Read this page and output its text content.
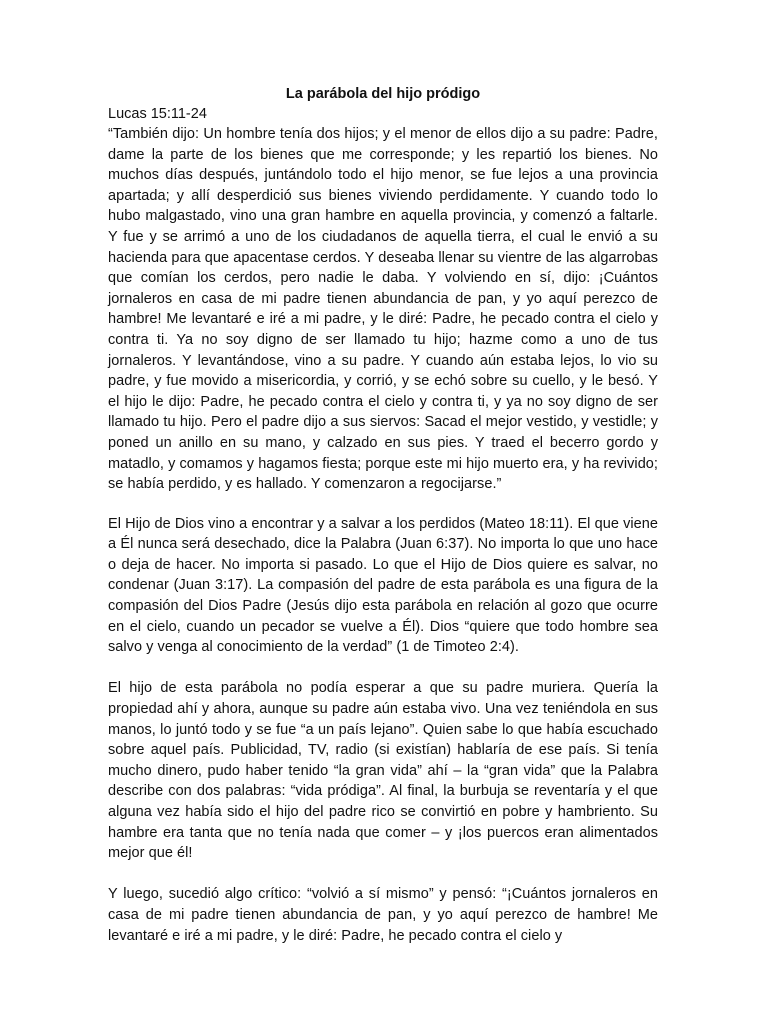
La parábola del hijo pródigo

Lucas 15:11-24

“También dijo: Un hombre tenía dos hijos; y el menor de ellos dijo a su padre: Padre, dame la parte de los bienes que me corresponde; y les repartió los bienes. No muchos días después, juntándolo todo el hijo menor, se fue lejos a una provincia apartada; y allí desperdició sus bienes viviendo perdidamente. Y cuando todo lo hubo malgastado, vino una gran hambre en aquella provincia, y comenzó a faltarle. Y fue y se arrimó a uno de los ciudadanos de aquella tierra, el cual le envió a su hacienda para que apacentase cerdos. Y deseaba llenar su vientre de las algarrobas que comían los cerdos, pero nadie le daba. Y volviendo en sí, dijo: ¡Cuántos jornaleros en casa de mi padre tienen abundancia de pan, y yo aquí perezco de hambre! Me levantaré e iré a mi padre, y le diré: Padre, he pecado contra el cielo y contra ti. Ya no soy digno de ser llamado tu hijo; hazme como a uno de tus jornaleros. Y levantándose, vino a su padre. Y cuando aún estaba lejos, lo vio su padre, y fue movido a misericordia, y corrió, y se echó sobre su cuello, y le besó. Y el hijo le dijo: Padre, he pecado contra el cielo y contra ti, y ya no soy digno de ser llamado tu hijo. Pero el padre dijo a sus siervos: Sacad el mejor vestido, y vestidle; y poned un anillo en su mano, y calzado en sus pies. Y traed el becerro gordo y matadlo, y comamos y hagamos fiesta; porque este mi hijo muerto era, y ha revivido; se había perdido, y es hallado. Y comenzaron a regocijarse.”

El Hijo de Dios vino a encontrar y a salvar a los perdidos (Mateo 18:11). El que viene a Él nunca será desechado, dice la Palabra (Juan 6:37). No importa lo que uno hace o deja de hacer. No importa si pasado. Lo que el Hijo de Dios quiere es salvar, no condenar (Juan 3:17). La compasión del padre de esta parábola es una figura de la compasión del Dios Padre (Jesús dijo esta parábola en relación al gozo que ocurre en el cielo, cuando un pecador se vuelve a Él). Dios “quiere que todo hombre sea salvo y venga al conocimiento de la verdad” (1 de Timoteo 2:4).

El hijo de esta parábola no podía esperar a que su padre muriera. Quería la propiedad ahí y ahora, aunque su padre aún estaba vivo. Una vez teniéndola en sus manos, lo juntó todo y se fue “a un país lejano”. Quien sabe lo que había escuchado sobre aquel país. Publicidad, TV, radio (si existían) hablaría de ese país. Si tenía mucho dinero, pudo haber tenido “la gran vida” ahí – la “gran vida” que la Palabra describe con dos palabras: “vida pródiga”. Al final, la burbuja se reventaría y el que alguna vez había sido el hijo del padre rico se convirtió en pobre y hambriento. Su hambre era tanta que no tenía nada que comer – y ¡los puercos eran alimentados mejor que él!

Y luego, sucedió algo crítico: “volvió a sí mismo” y pensó: “¡Cuántos jornaleros en casa de mi padre tienen abundancia de pan, y yo aquí perezco de hambre! Me levantaré e iré a mi padre, y le diré: Padre, he pecado contra el cielo y
